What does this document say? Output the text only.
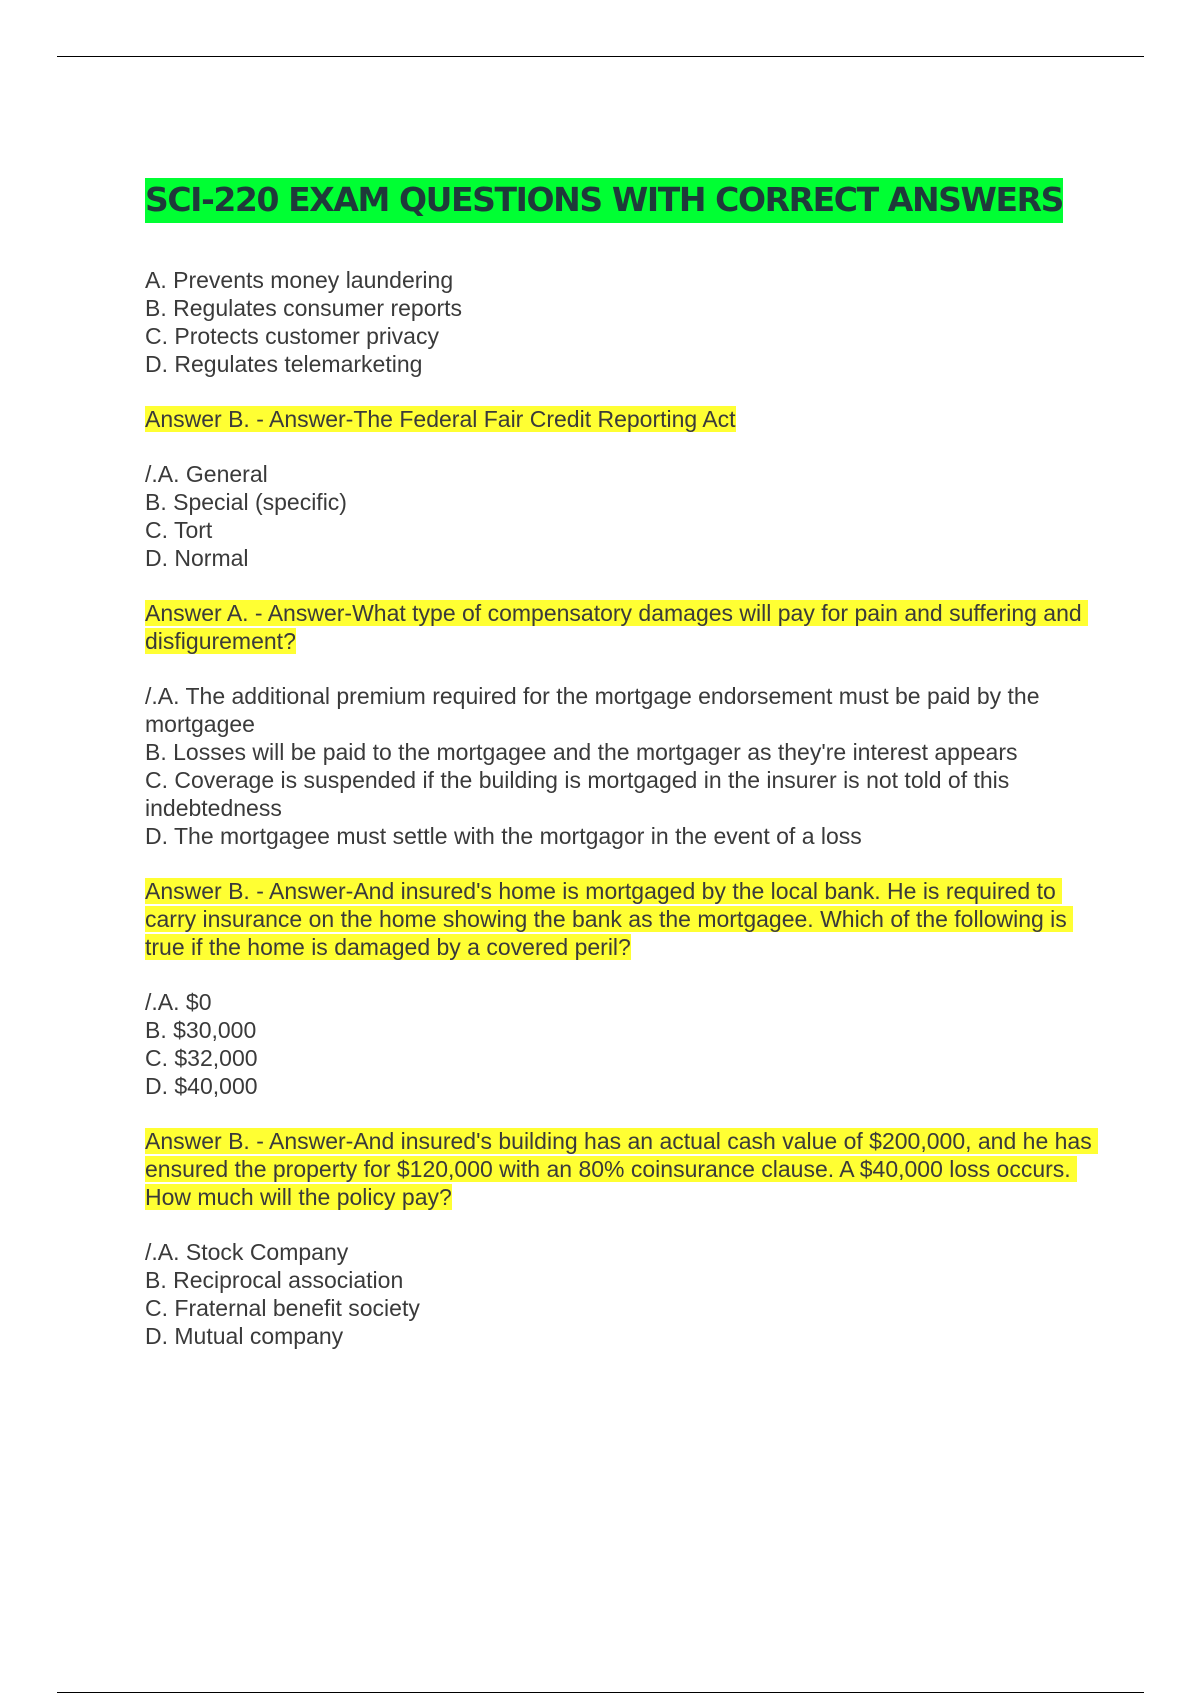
SCI-220 EXAM QUESTIONS WITH CORRECT ANSWERS
A. Prevents money laundering
B. Regulates consumer reports
C. Protects customer privacy
D. Regulates telemarketing
Answer B. - Answer-The Federal Fair Credit Reporting Act
/.A. General
B. Special (specific)
C. Tort
D. Normal
Answer A. - Answer-What type of compensatory damages will pay for pain and suffering and disfigurement?
/.A. The additional premium required for the mortgage endorsement must be paid by the mortgagee
B. Losses will be paid to the mortgagee and the mortgager as they're interest appears
C. Coverage is suspended if the building is mortgaged in the insurer is not told of this indebtedness
D. The mortgagee must settle with the mortgagor in the event of a loss
Answer B. - Answer-And insured's home is mortgaged by the local bank. He is required to carry insurance on the home showing the bank as the mortgagee. Which of the following is true if the home is damaged by a covered peril?
/.A. $0
B. $30,000
C. $32,000
D. $40,000
Answer B. - Answer-And insured's building has an actual cash value of $200,000, and he has ensured the property for $120,000 with an 80% coinsurance clause. A $40,000 loss occurs. How much will the policy pay?
/.A. Stock Company
B. Reciprocal association
C. Fraternal benefit society
D. Mutual company
